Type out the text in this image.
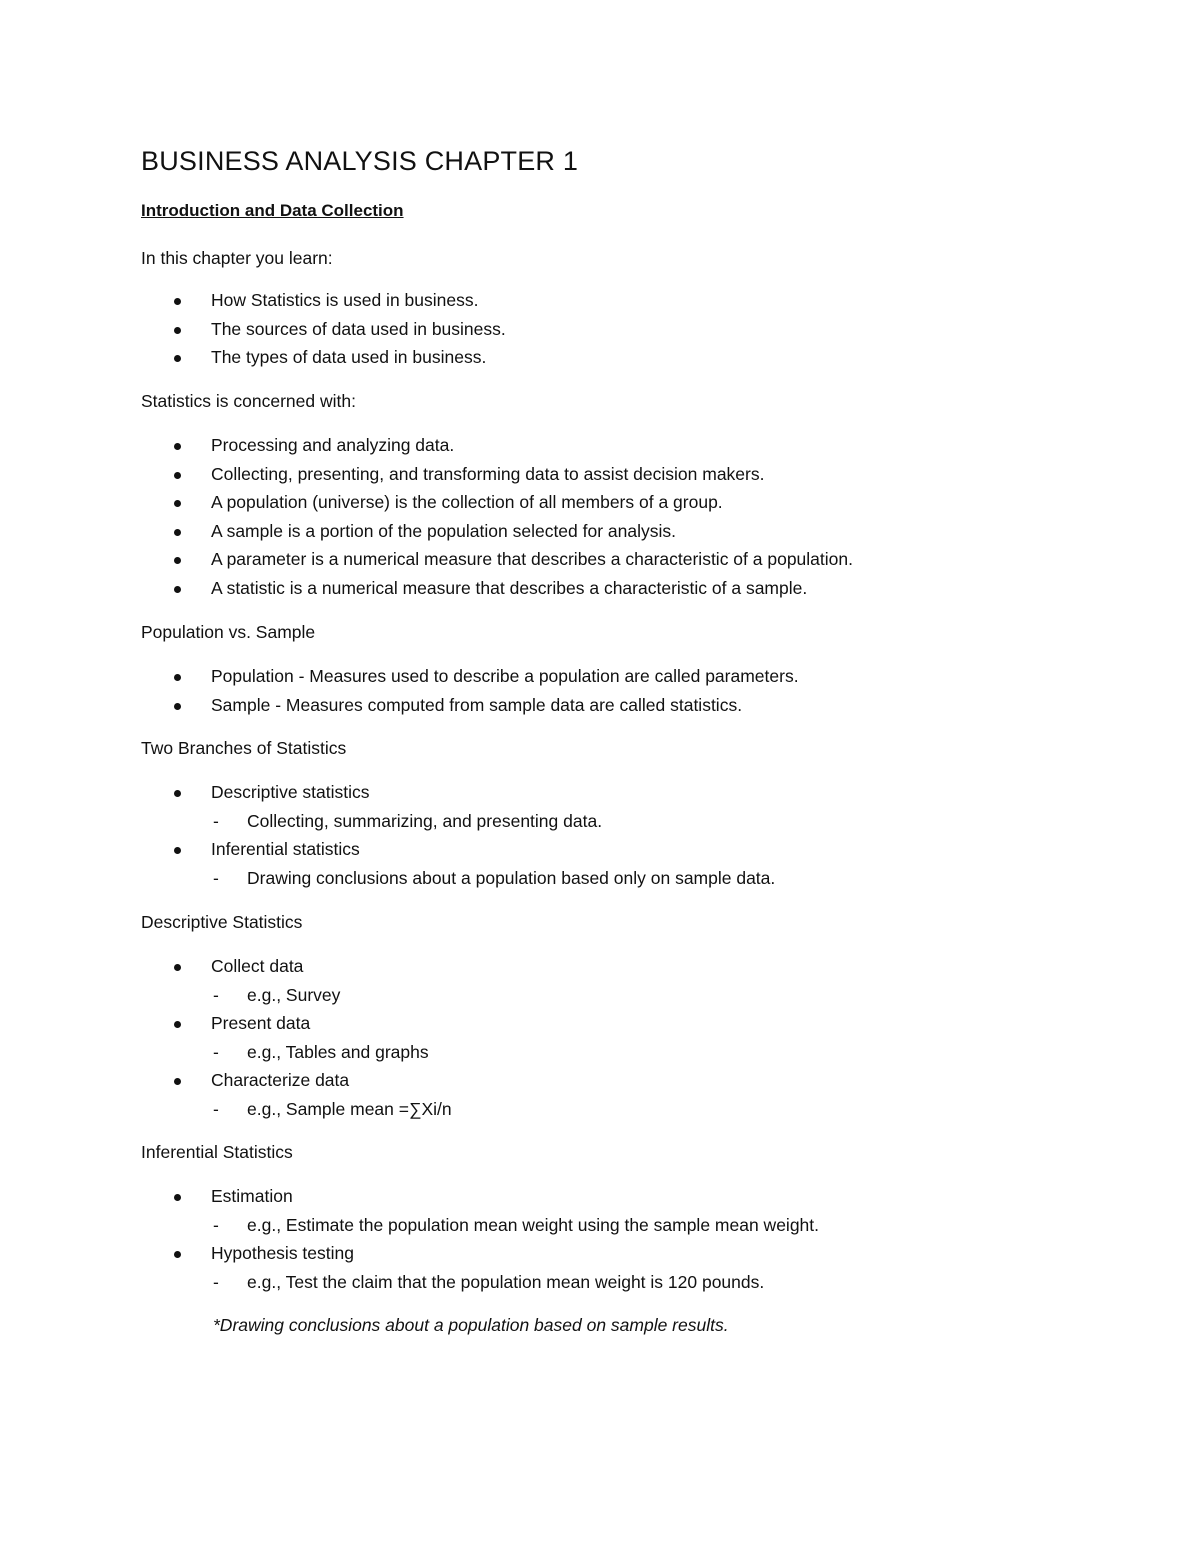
BUSINESS ANALYSIS CHAPTER 1
Introduction and Data Collection
In this chapter you learn:
How Statistics is used in business.
The sources of data used in business.
The types of data used in business.
Statistics is concerned with:
Processing and analyzing data.
Collecting, presenting, and transforming data to assist decision makers.
A population (universe) is the collection of all members of a group.
A sample is a portion of the population selected for analysis.
A parameter is a numerical measure that describes a characteristic of a population.
A statistic is a numerical measure that describes a characteristic of a sample.
Population vs. Sample
Population - Measures used to describe a population are called parameters.
Sample - Measures computed from sample data are called statistics.
Two Branches of Statistics
Descriptive statistics
- Collecting, summarizing, and presenting data.
Inferential statistics
- Drawing conclusions about a population based only on sample data.
Descriptive Statistics
Collect data
- e.g., Survey
Present data
- e.g., Tables and graphs
Characterize data
- e.g., Sample mean =∑Xi/n
Inferential Statistics
Estimation
- e.g., Estimate the population mean weight using the sample mean weight.
Hypothesis testing
- e.g., Test the claim that the population mean weight is 120 pounds.
*Drawing conclusions about a population based on sample results.
